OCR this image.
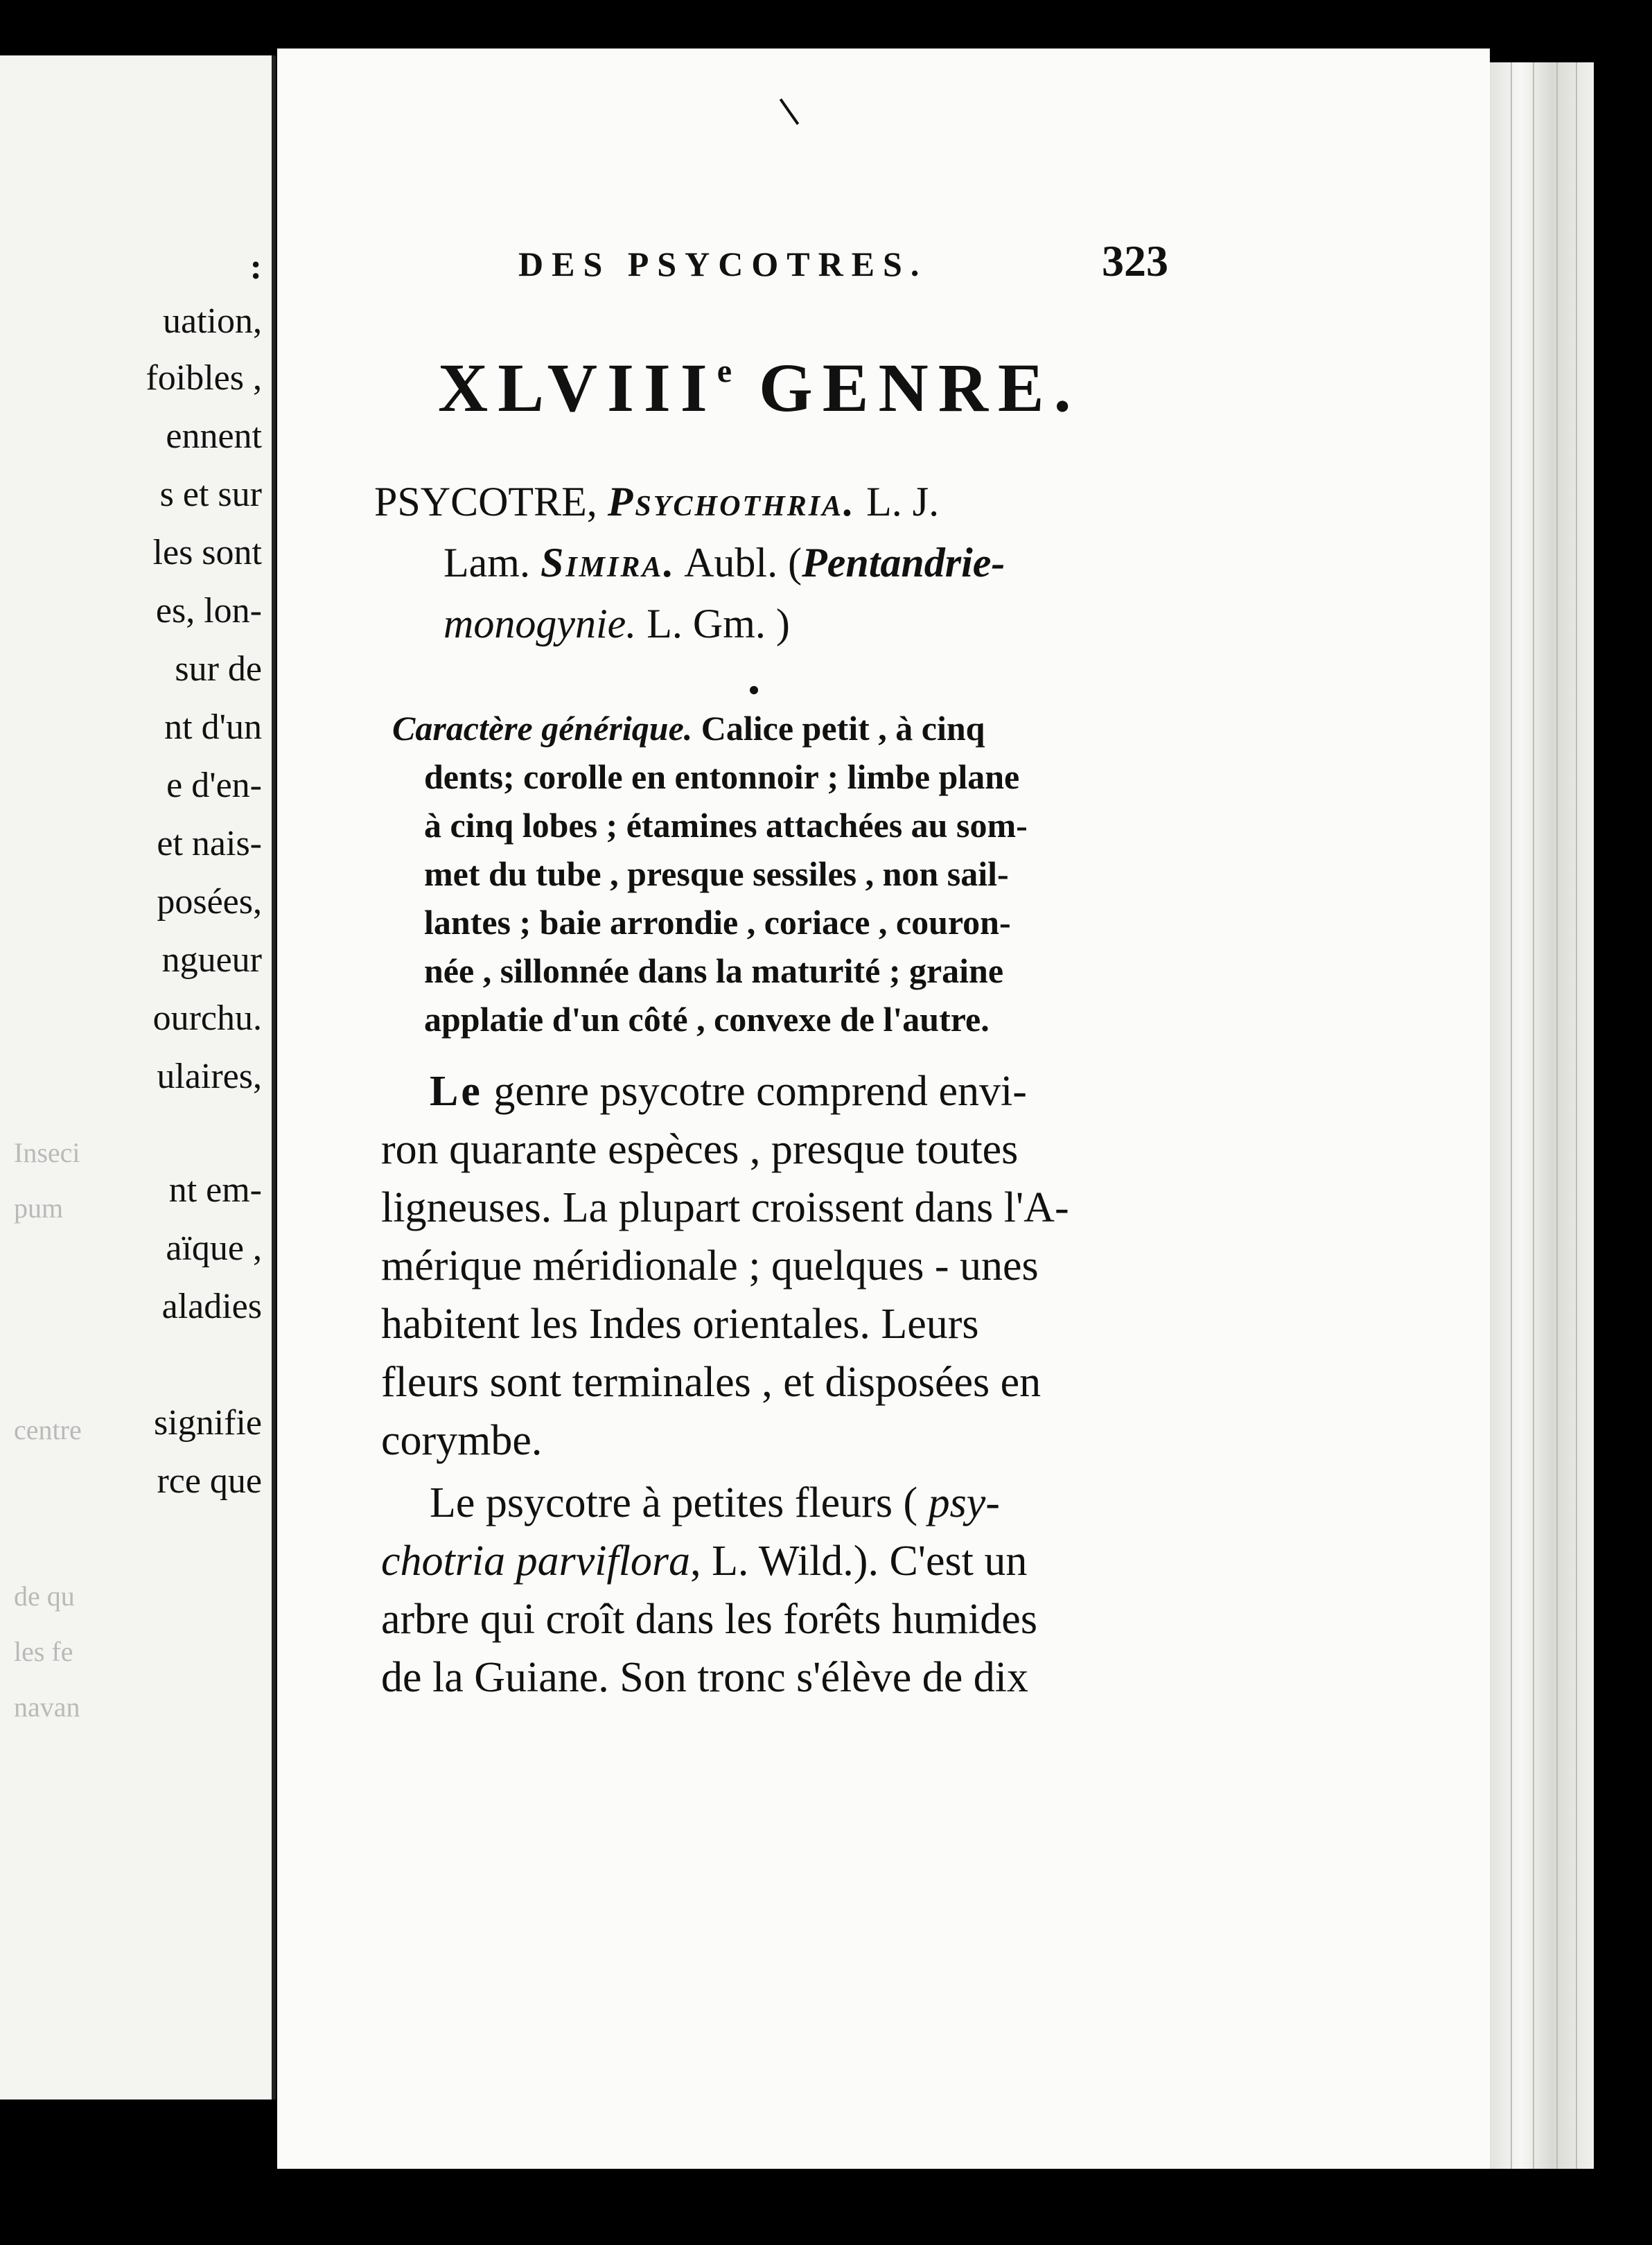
:
Inseci
pum
centre
de qu
les fe
navan
uation,
foibles ,
ennent
s et sur
les sont
es, lon-
sur de
nt d'un
e d'en-
et nais-
posées,
ngueur
ourchu.
ulaires,
nt em-
aïque ,
aladies
signifie
rce que
DES PSYCOTRES.	323
XLVIIIe GENRE.
PSYCOTRE, Psychothria. L. J.
Lam. Simira. Aubl. (Pentandrie-
monogynie. L. Gm. )
Caractère générique. Calice petit , à cinq
dents; corolle en entonnoir ; limbe plane
à cinq lobes ; étamines attachées au som-
met du tube , presque sessiles , non sail-
lantes ; baie arrondie , coriace , couron-
née , sillonnée dans la maturité ; graine
applatie d'un côté , convexe de l'autre.
Le genre psycotre comprend envi-
ron quarante espèces , presque toutes
ligneuses. La plupart croissent dans l'A-
mérique méridionale ; quelques - unes
habitent les Indes orientales. Leurs
fleurs sont terminales , et disposées en
corymbe.
Le psycotre à petites fleurs ( psy-
chotria parviflora, L. Wild.). C'est un
arbre qui croît dans les forêts humides
de la Guiane. Son tronc s'élève de dix
